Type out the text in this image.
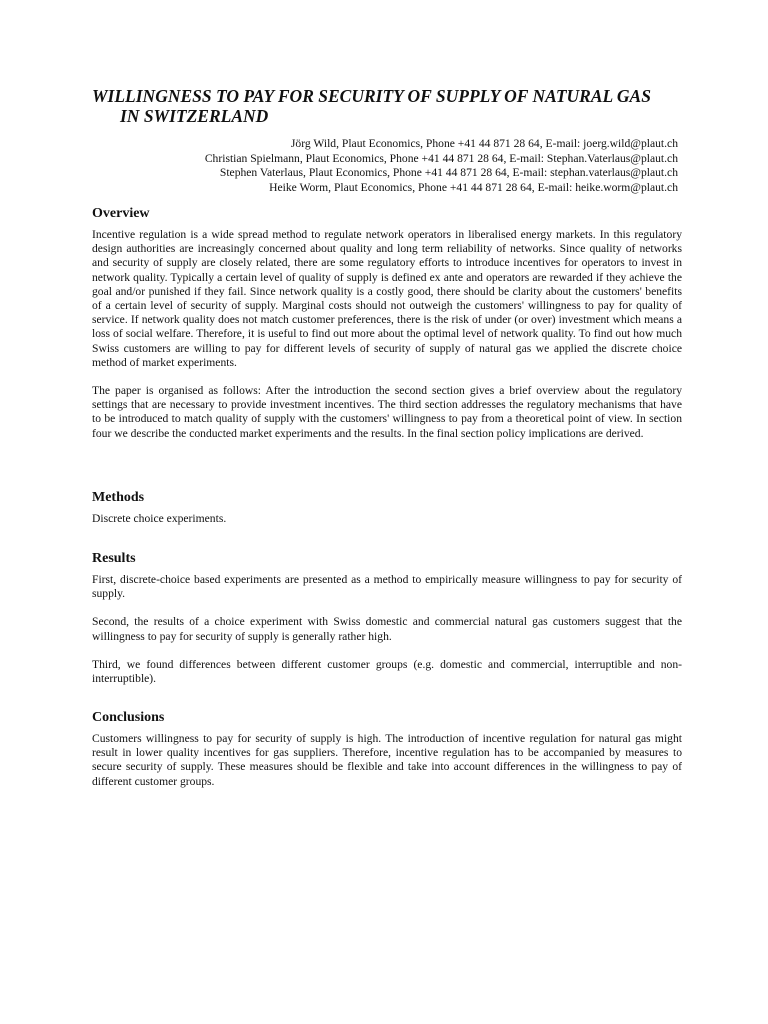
WILLINGNESS TO PAY FOR SECURITY OF SUPPLY OF NATURAL GAS
IN SWITZERLAND
Jörg Wild, Plaut Economics, Phone +41 44 871 28 64, E-mail: joerg.wild@plaut.ch
Christian Spielmann, Plaut Economics, Phone +41 44 871 28 64, E-mail: Stephan.Vaterlaus@plaut.ch
Stephen Vaterlaus, Plaut Economics, Phone +41 44 871 28 64, E-mail: stephan.vaterlaus@plaut.ch
Heike Worm, Plaut Economics, Phone +41 44 871 28 64, E-mail: heike.worm@plaut.ch
Overview

Incentive regulation is a wide spread method to regulate network operators in liberalised energy markets. In this regulatory design authorities are increasingly concerned about quality and long term reliability of networks. Since quality of networks and security of supply are closely related, there are some regulatory efforts to introduce incentives for operators to invest in network quality. Typically a certain level of quality of supply is defined ex ante and operators are rewarded if they achieve the goal and/or punished if they fail. Since network quality is a costly good, there should be clarity about the customers' benefits of a certain level of security of supply. Marginal costs should not outweigh the customers' willingness to pay for quality of service. If network quality does not match customer preferences, there is the risk of under (or over) investment which means a loss of social welfare. Therefore, it is useful to find out more about the optimal level of network quality. To find out how much Swiss customers are willing to pay for different levels of security of supply of natural gas we applied the discrete choice method of market experiments.

The paper is organised as follows: After the introduction the second section gives a brief overview about the regulatory settings that are necessary to provide investment incentives. The third section addresses the regulatory mechanisms that have to be introduced to match quality of supply with the customers' willingness to pay from a theoretical point of view. In section four we describe the conducted market experiments and the results. In the final section policy implications are derived.

Methods

Discrete choice experiments.

Results

First, discrete-choice based experiments are presented as a method to empirically measure willingness to pay for security of supply.

Second, the results of a choice experiment with Swiss domestic and commercial natural gas customers suggest that the willingness to pay for security of supply is generally rather high.

Third, we found differences between different customer groups (e.g. domestic and commercial, interruptible and non-interruptible).

Conclusions

Customers willingness to pay for security of supply is high. The introduction of incentive regulation for natural gas might result in lower quality incentives for gas suppliers. Therefore, incentive regulation has to be accompanied by measures to secure security of supply. These measures should be flexible and take into account differences in the willingness to pay of different customer groups.
